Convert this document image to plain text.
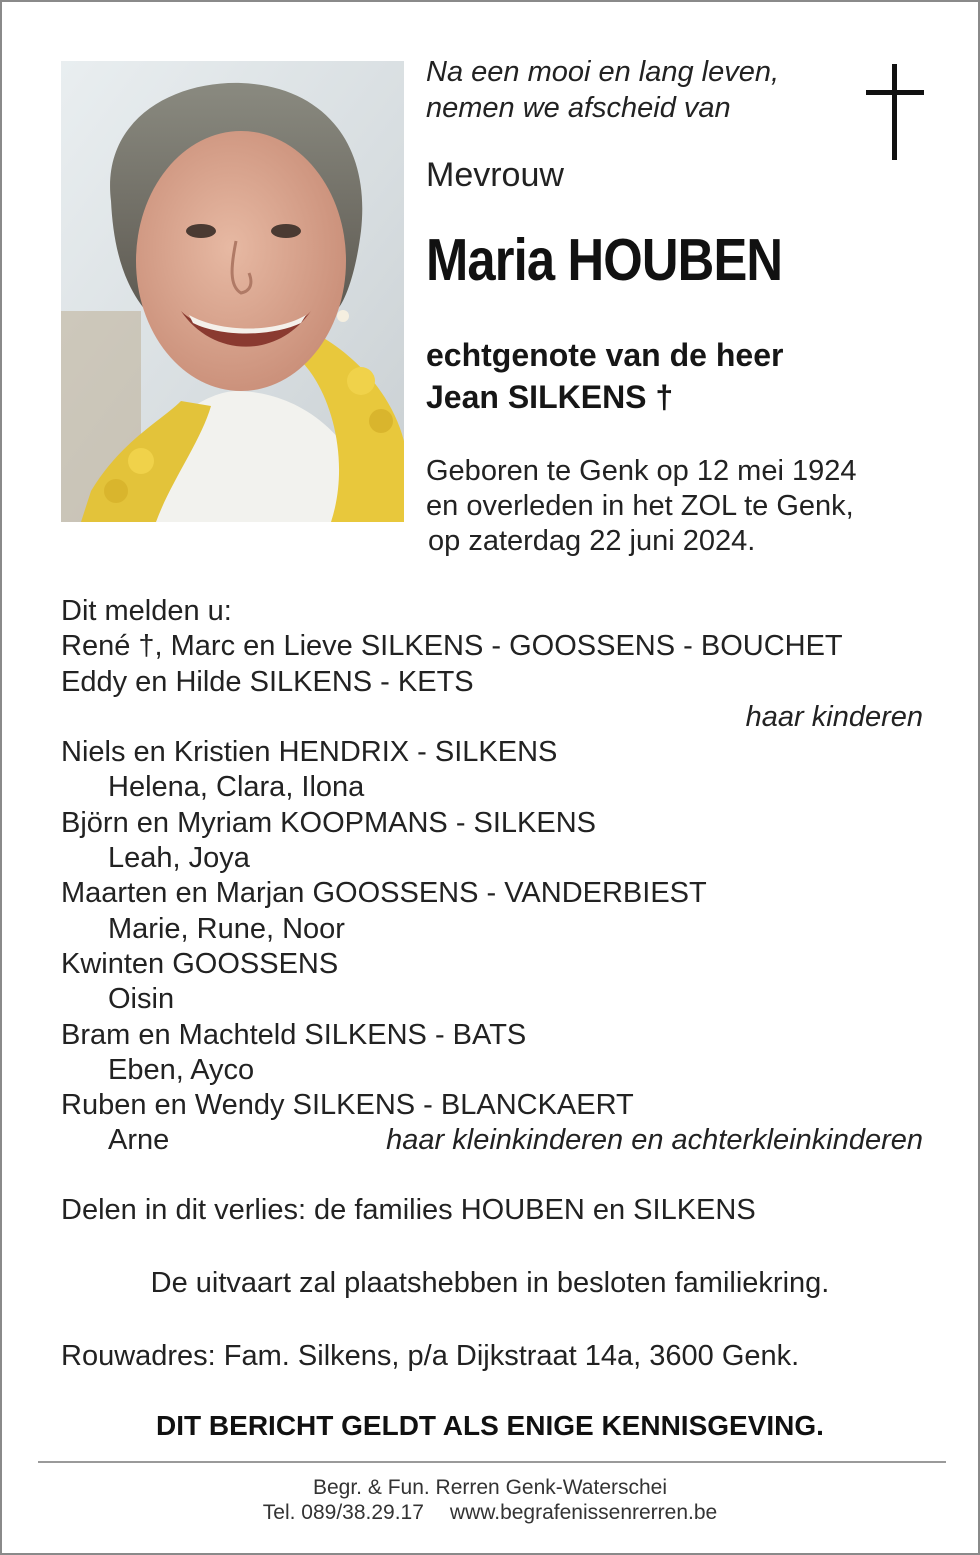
Na een mooi en lang leven,
nemen we afscheid van
Mevrouw
Maria HOUBEN
echtgenote van de heer
Jean SILKENS †
Geboren te Genk op 12 mei 1924
en overleden in het ZOL te Genk,
op zaterdag 22 juni 2024.
Dit melden u:
René †, Marc en Lieve SILKENS - GOOSSENS - BOUCHET
Eddy en Hilde SILKENS - KETS
haar kinderen
Niels en Kristien HENDRIX - SILKENS
Helena, Clara, Ilona
Björn en Myriam KOOPMANS - SILKENS
Leah, Joya
Maarten en Marjan GOOSSENS - VANDERBIEST
Marie, Rune, Noor
Kwinten GOOSSENS
Oisin
Bram en Machteld SILKENS - BATS
Eben, Ayco
Ruben en Wendy SILKENS - BLANCKAERT
Arne	haar kleinkinderen en achterkleinkinderen
Delen in dit verlies: de families HOUBEN en SILKENS
De uitvaart zal plaatshebben in besloten familiekring.
Rouwadres: Fam. Silkens, p/a Dijkstraat 14a, 3600 Genk.
DIT BERICHT GELDT ALS ENIGE KENNISGEVING.
Begr. & Fun. Rerren Genk-Waterschei
Tel. 089/38.29.17 www.begrafenissenrerren.be
